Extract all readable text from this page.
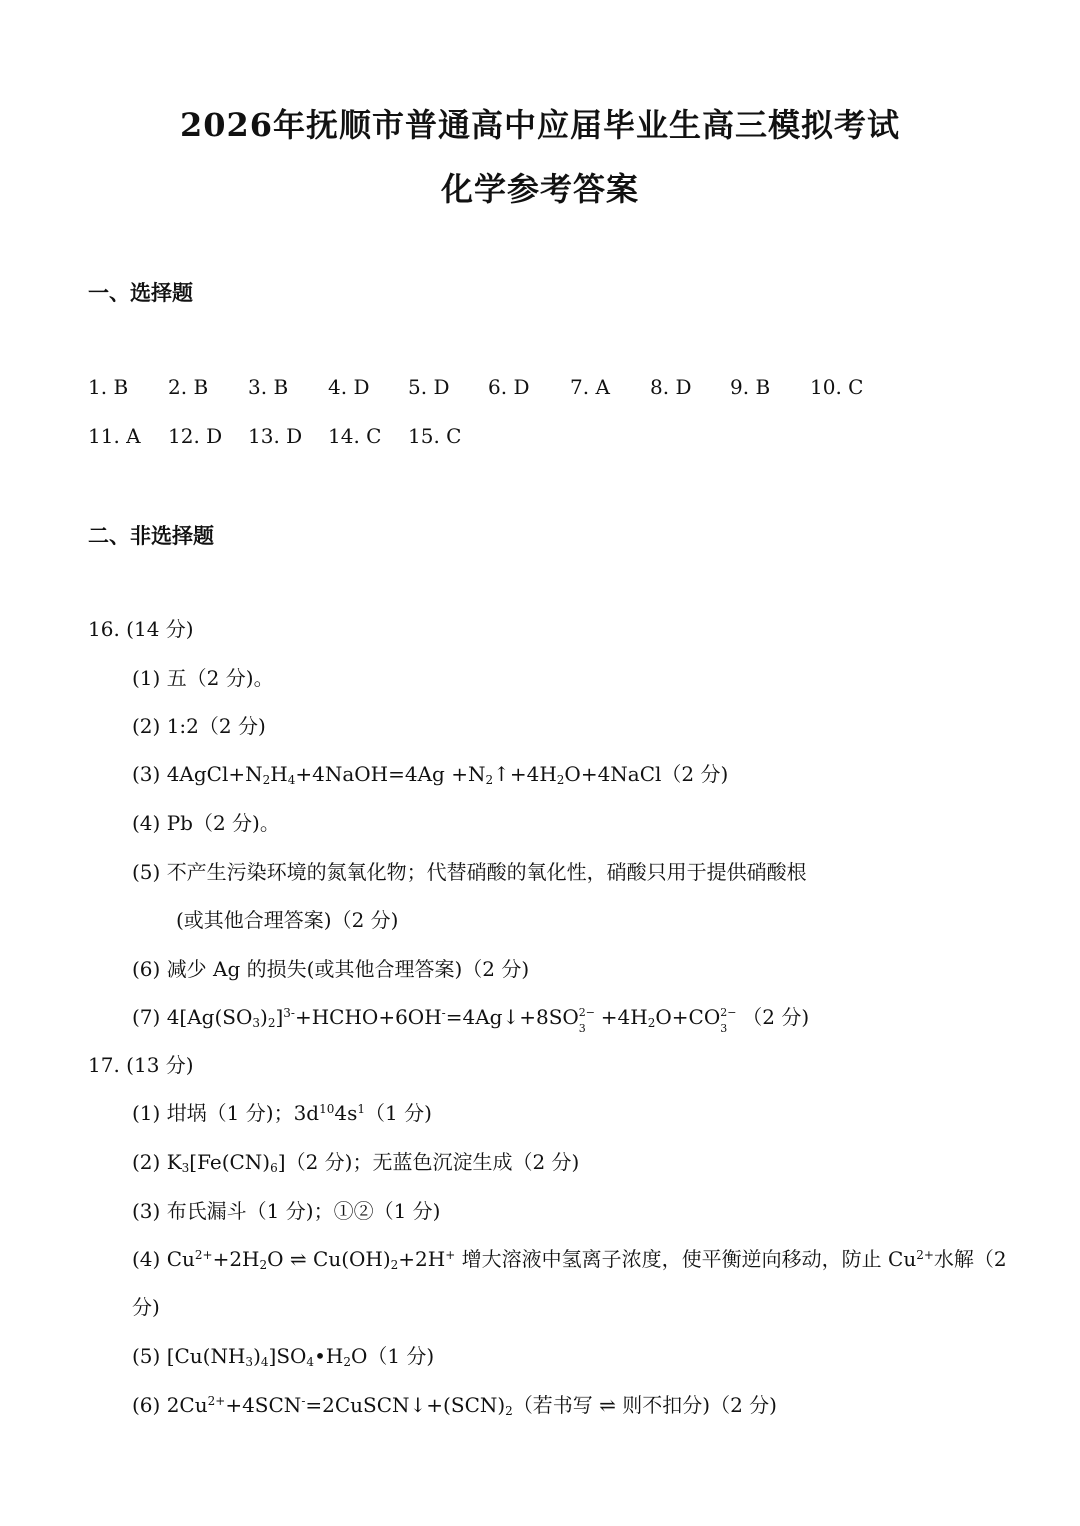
2026年抚顺市普通高中应届毕业生高三模拟考试
化学参考答案
一、选择题
1. B 2. B 3. B 4. D 5. D 6. D 7. A 8. D 9. B 10. C
11. A 12. D 13. D 14. C 15. C
二、非选择题
16. (14 分)
(1) 五（2 分)。
(2) 1:2（2 分)
(3) $4AgCl+N_2H_4+4NaOH=4Ag$ $+N_2↑+4H_2O+4NaCl(2$ 分)
(4) Pb（2 分)。
(5) 不产生污染环境的氮氧化物；代替硝酸的氧化性，硝酸只用于提供硝酸根
(或其他合理答案)（2 分)
(6) 减少 Ag 的损失(或其他合理答案)（2 分)
(7) $4[Ag(SO_3)_2]^{3-}+HCHO+6OH^-=4Ag↓+8SO$ 2−
$3 +4H_2O+CO$ 2−
3 （2 分)
17. (13 分)
(1) 坩埚（1 分)；$3d^{10}4s^1(1$ 分)
(2) $K_3[Fe(CN)_6](2$ 分)；无蓝色沉淀生成（2 分)
(3) 布氏漏斗（1 分)；①②（1 分)
(4) $Cu^{2+}+2H_2O$ ⇌ $Cu(OH)_2+2H^+$ 增大溶液中氢离子浓度，使平衡逆向移动，防止 $Cu^{2+}$水解（2
分)
(5) $[Cu(NH_3)_4]SO_4•H_2O(1$ 分)
(6) $2Cu^{2+}+4SCN^-=2CuSCN↓+(SCN)_2$（若书写 ⇌ 则不扣分)（2 分)
